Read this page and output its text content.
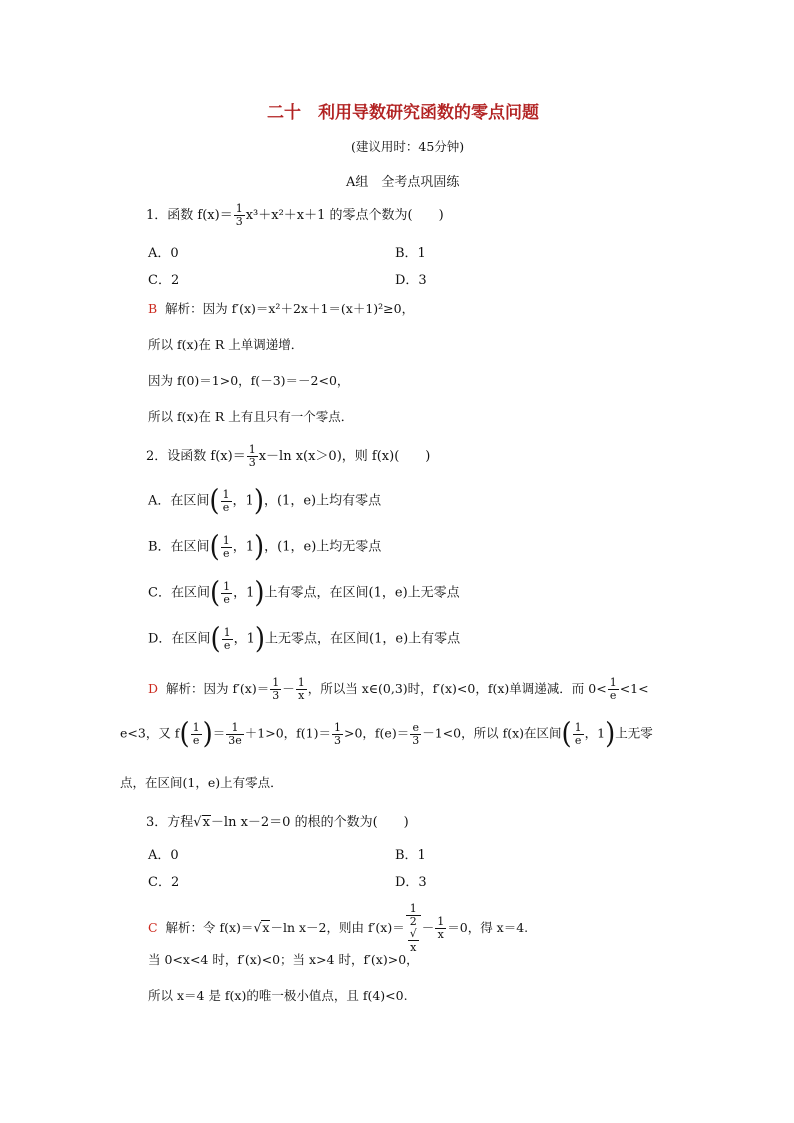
二十　利用导数研究函数的零点问题
(建议用时：45分钟)
A组　全考点巩固练
1．函数 $f(x)= \frac{1}{3} x^3+x^2+x+1$ 的零点个数为(　　)
A．0	B．1
C．2	D．3
B 解析：因为 f′(x)＝x²＋2x＋1＝(x＋1)²≥0，
所以 f(x)在 R 上单调递增．
因为 f(0)＝1>0，f(－3)＝－2<0，
所以 f(x)在 R 上有且只有一个零点．
2．设函数 $f(x)= \frac{1}{3} x-\ln$ x(x＞0)，则 f(x)(　　)
A．在区间( $\frac{1}{e}$ ，1)，(1，e)上均有零点
B．在区间( $\frac{1}{e}$ ，1)，(1，e)上均无零点
C．在区间( $\frac{1}{e}$ ，1)上有零点，在区间(1，e)上无零点
D．在区间( $\frac{1}{e}$ ，1)上无零点，在区间(1，e)上有零点
D 解析：因为 $f'(x)= \frac{1}{3} - \frac{1}{x}$ ，所以当 x∈(0,3)时，f′(x)<0，f(x)单调递减．而 $0< \frac{1}{e} <1<$
e<3，又 $f( \frac{1}{e}$ )＝ $\frac{1}{3e} +1>0$，$f(1)= \frac{1}{3} >0$，$f(e)= \frac{e}{3} -1<0$，所以 f(x)在区间( $\frac{1}{e}$ ，1)上无零
点，在区间(1，e)上有零点．
3．方程√x－ln x－2＝0 的根的个数为(　　)
A．0	B．1
C．2	D．3
C 解析：令 f(x)＝√x－ln x－2，则由 f′(x)＝ 1
2
√
$x - \frac{1}{x} =0$，得 x＝4.
当 0<x<4 时，f′(x)<0；当 x>4 时，f′(x)>0，
所以 x＝4 是 f(x)的唯一极小值点，且 f(4)<0.
